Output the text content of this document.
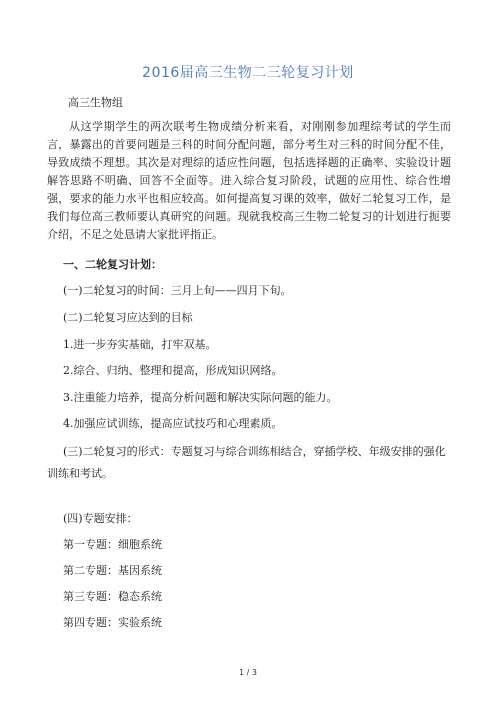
2016届高三生物二三轮复习计划
高三生物组

从这学期学生的两次联考生物成绩分析来看，对刚刚参加理综考试的学生而言，暴露出的首要问题是三科的时间分配问题，部分考生对三科的时间分配不佳，导致成绩不理想。其次是对理综的适应性问题，包括选择题的正确率、实验设计题解答思路不明确、回答不全面等。进入综合复习阶段，试题的应用性、综合性增强，要求的能力水平也相应较高。如何提高复习课的效率，做好二轮复习工作，是我们每位高三教师要认真研究的问题。现就我校高三生物二轮复习的计划进行扼要介绍，不足之处恳请大家批评指正。

一、二轮复习计划：
(一)二轮复习的时间：三月上旬——四月下旬。
(二)二轮复习应达到的目标
1.进一步夯实基础，打牢双基。
2.综合、归纳、整理和提高，形成知识网络。
3.注重能力培养，提高分析问题和解决实际问题的能力。
4.加强应试训练，提高应试技巧和心理素质。

(三)二轮复习的形式：专题复习与综合训练相结合，穿插学校、年级安排的强化训练和考试。

(四)专题安排：
第一专题：细胞系统
第二专题：基因系统
第三专题：稳态系统
第四专题：实验系统
1 / 3
